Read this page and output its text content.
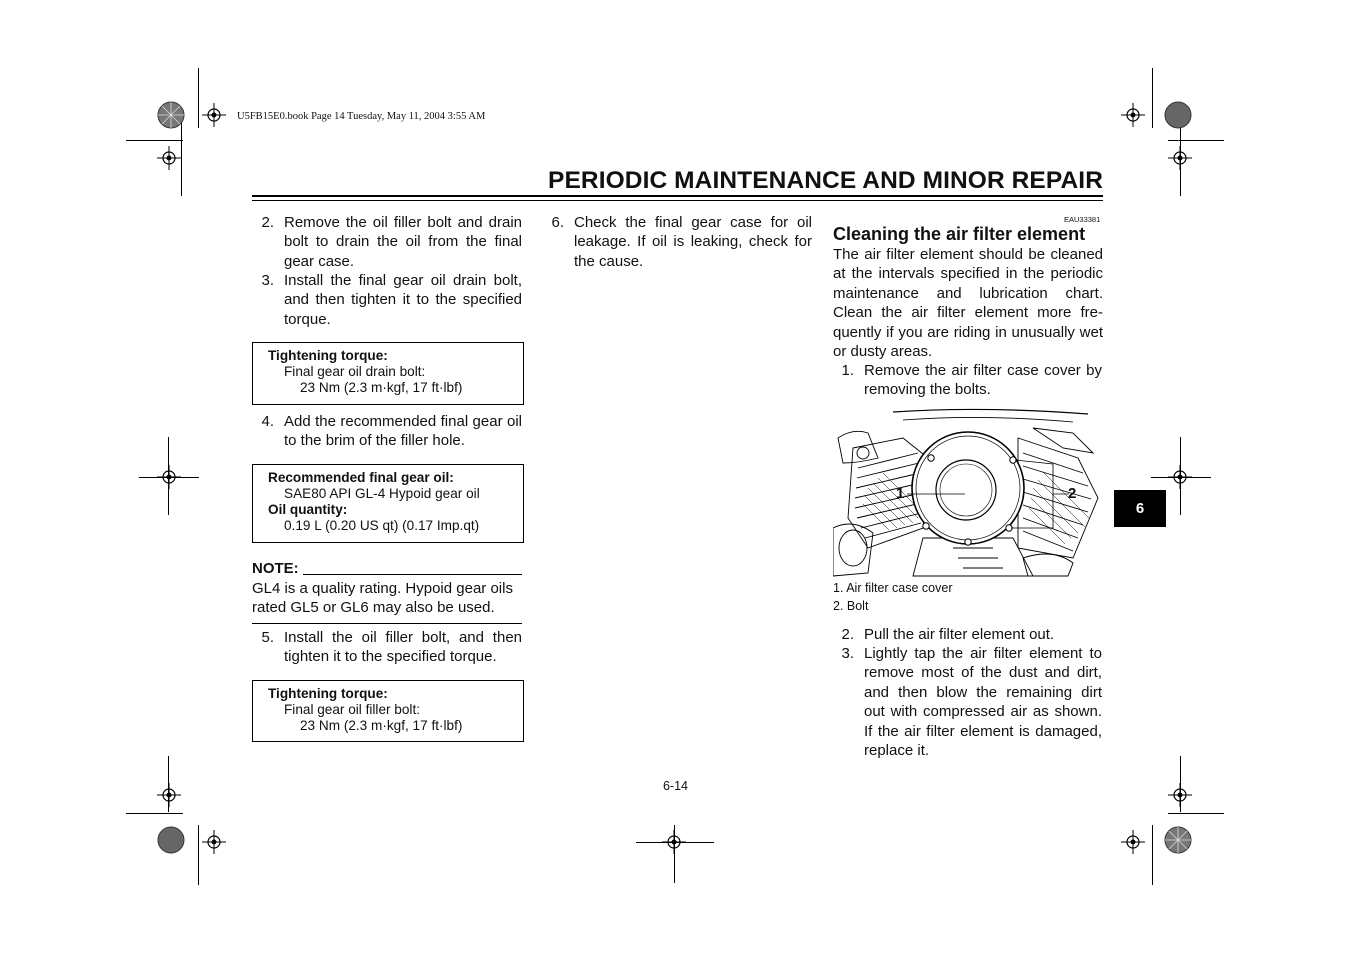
U5FB15E0.book Page 14 Tuesday, May 11, 2004 3:55 AM
PERIODIC MAINTENANCE AND MINOR REPAIR
2. Remove the oil filler bolt and drain bolt to drain the oil from the final gear case.
3. Install the final gear oil drain bolt, and then tighten it to the specified torque.
Tightening torque:
Final gear oil drain bolt:
23 Nm (2.3 m·kgf, 17 ft·lbf)
4. Add the recommended final gear oil to the brim of the filler hole.
Recommended final gear oil:
SAE80 API GL-4 Hypoid gear oil
Oil quantity:
0.19 L (0.20 US qt) (0.17 Imp.qt)
NOTE:
GL4 is a quality rating. Hypoid gear oils rated GL5 or GL6 may also be used.
5. Install the oil filler bolt, and then tighten it to the specified torque.
Tightening torque:
Final gear oil filler bolt:
23 Nm (2.3 m·kgf, 17 ft·lbf)
6. Check the final gear case for oil leakage. If oil is leaking, check for the cause.
EAU33381
Cleaning the air filter element
The air filter element should be cleaned at the intervals specified in the periodic maintenance and lubrication chart. Clean the air filter element more fre-quently if you are riding in unusually wet or dusty areas.
1. Remove the air filter case cover by removing the bolts.
1	2
1. Air filter case cover
2. Bolt
2. Pull the air filter element out.
3. Lightly tap the air filter element to remove most of the dust and dirt, and then blow the remaining dirt out with compressed air as shown. If the air filter element is damaged, replace it.
6
6-14
